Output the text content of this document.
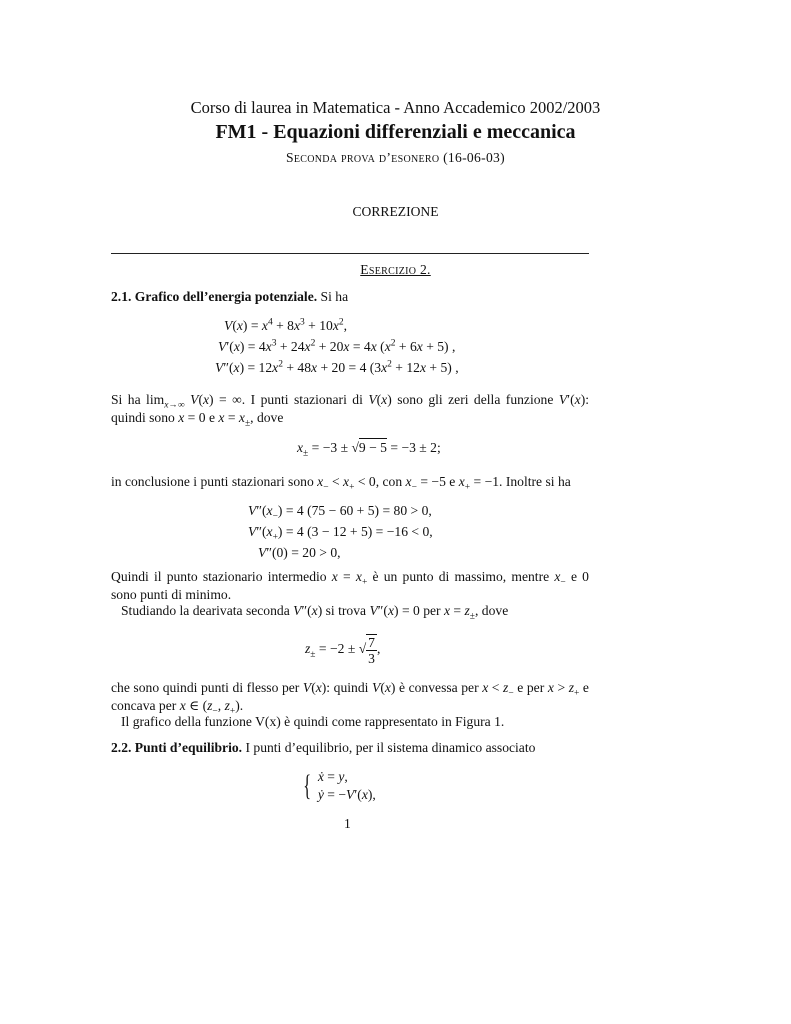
Corso di laurea in Matematica - Anno Accademico 2002/2003
FM1 - Equazioni differenziali e meccanica
Seconda prova d’esonero (16-06-03)
CORREZIONE
Esercizio 2.
2.1. Grafico dell’energia potenziale. Si ha
$V(x) = x^4 + 8x^3 + 10x^2$,
$V'(x) = 4x^3 + 24x^2 + 20x = 4x$ $(x^2 + 6x + 5)$ ,
$V''(x) = 12x^2 + 48x + 20 = 4$ $(3x^2 + 12x + 5)$ ,
Si ha $\lim_{x\to\infty} V(x)$ = ∞. I punti stazionari di V(x) sono gli zeri della funzione V′(x): quindi sono x = 0 e $x = x_\pm$, dove
$x_\pm = -3 \pm √9 - 5 = -3 \pm 2$;
in conclusione i punti stazionari sono $x_- < x_+ < 0$, con $x_- = -5$ e $x_+ = -1$. Inoltre si ha
$V''(x_-) = 4$ (75 − 60 + 5) = 80 > 0,
$V''(x_+) = 4$ (3 − 12 + 5) = −16 < 0,
V″(0) = 20 > 0,
Quindi il punto stazionario intermedio $x = x_+$ è un punto di massimo, mentre $x_-$ e 0 sono punti di minimo.
Studiando la dearivata seconda V″(x) si trova V″(x) = 0 per $x = z_\pm$, dove
$z_\pm = -2$ ± √ $\frac{7}{3}$ ,
che sono quindi punti di flesso per V(x): quindi V(x) è convessa per $x < z_-$ e per $x > z_+$ e concava per x ∈ ($z_-$, $z_+$).
Il grafico della funzione V(x) è quindi come rappresentato in Figura 1.
2.2. Punti d’equilibrio. I punti d’equilibrio, per il sistema dinamico associato
{ ẋ = y,
ẏ = −V′(x),
1
